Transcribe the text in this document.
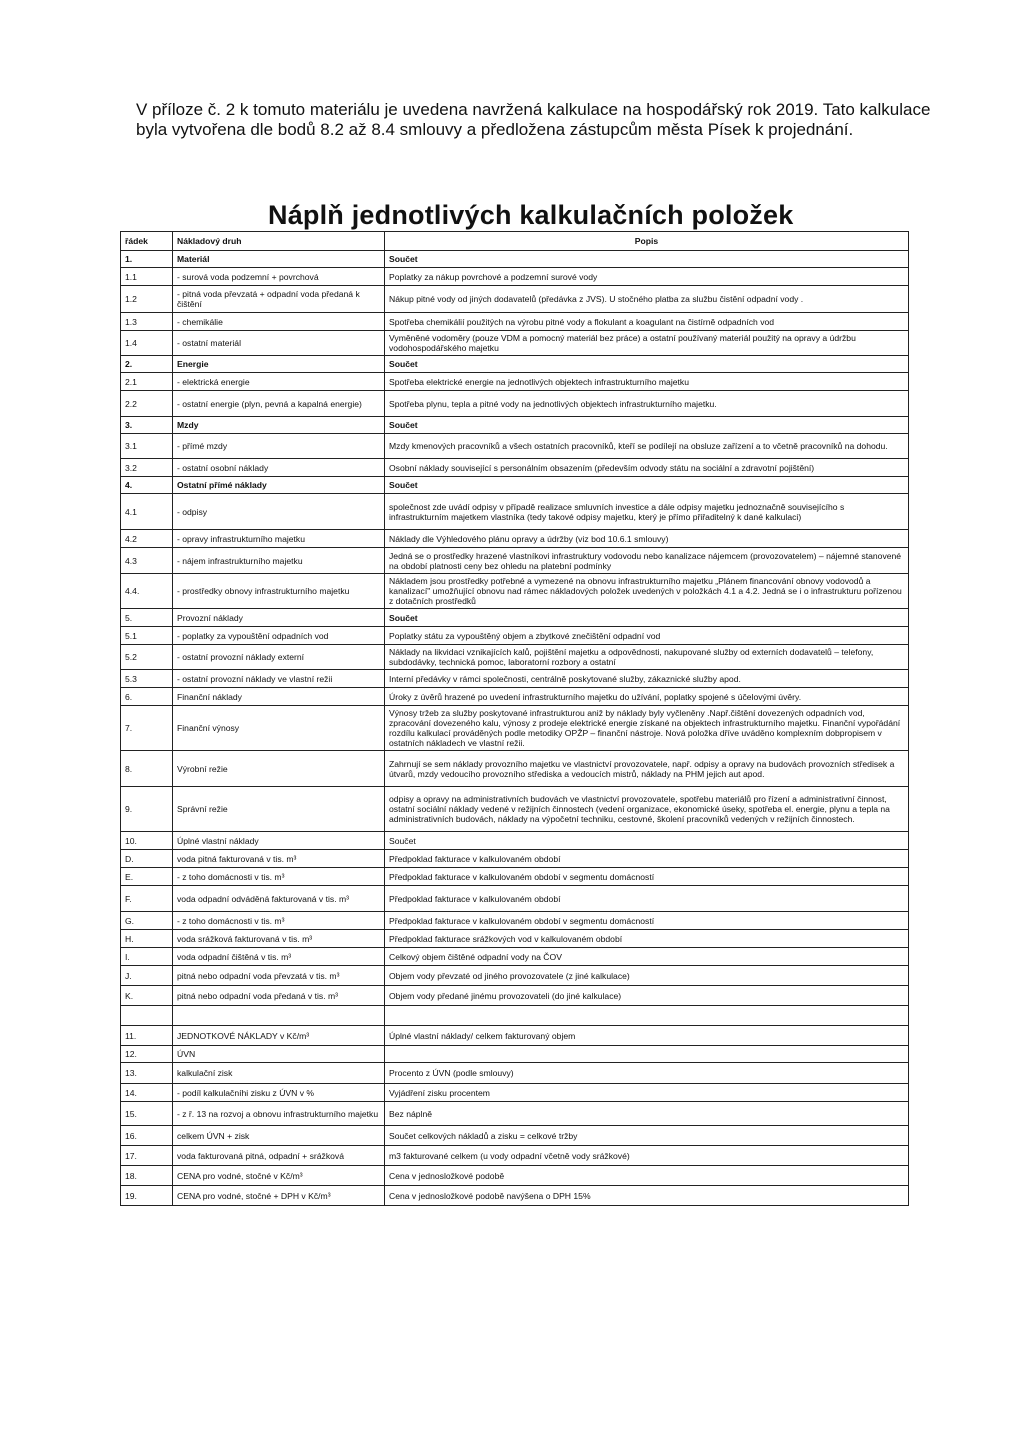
V příloze č. 2 k tomuto materiálu je uvedena navržená kalkulace na hospodářský rok 2019. Tato kalkulace byla vytvořena dle bodů 8.2 až 8.4 smlouvy a předložena zástupcům města Písek k projednání.
Náplň jednotlivých kalkulačních položek
řádek	Nákladový druh	Popis
1.	Materiál	Součet
1.1	- surová voda podzemní + povrchová	Poplatky za nákup povrchové a podzemní surové vody
1.2	- pitná voda převzatá + odpadní voda předaná k čištění	Nákup pitné vody od jiných dodavatelů (předávka z JVS). U stočného platba za službu čistění odpadní vody .
1.3	- chemikálie	Spotřeba chemikálií použitých na výrobu pitné vody a flokulant a koagulant na čistírně odpadních vod
1.4	- ostatní materiál	Vyměněné vodoměry (pouze VDM a pomocný materiál bez práce) a ostatní používaný materiál použitý na opravy a údržbu vodohospodářského majetku
2.	Energie	Součet
2.1	- elektrická energie	Spotřeba elektrické energie na jednotlivých objektech infrastrukturního majetku
2.2	- ostatní energie (plyn, pevná a kapalná energie)	Spotřeba plynu, tepla a pitné vody na jednotlivých objektech infrastrukturního majetku.
3.	Mzdy	Součet
3.1	- přímé mzdy	Mzdy kmenových pracovníků a všech ostatních pracovníků, kteří se podílejí na obsluze zařízení a to včetně pracovníků na dohodu.
3.2	- ostatní osobní náklady	Osobní náklady související s personálním obsazením (především odvody státu na sociální a zdravotní pojištění)
4.	Ostatní přímé náklady	Součet
4.1	- odpisy	společnost zde uvádí odpisy v případě realizace smluvních investice a dále odpisy majetku jednoznačně souvisejícího s infrastrukturním majetkem vlastníka (tedy takové odpisy majetku, který je přímo přiřaditelný k dané kalkulaci)
4.2	- opravy infrastrukturního majetku	Náklady dle Výhledového plánu opravy a údržby (viz bod 10.6.1 smlouvy)
4.3	- nájem infrastrukturního majetku	Jedná se o prostředky hrazené vlastníkovi infrastruktury vodovodu nebo kanalizace nájemcem (provozovatelem) – nájemné stanovené na období platnosti ceny bez ohledu na platební podmínky
4.4.	- prostředky obnovy infrastrukturního majetku	Nákladem jsou prostředky potřebné a vymezené na obnovu infrastrukturního majetku „Plánem financování obnovy vodovodů a kanalizací" umožňující obnovu nad rámec nákladových položek uvedených v položkách 4.1 a 4.2. Jedná se i o infrastrukturu pořízenou z dotačních prostředků
5.	Provozní náklady	Součet
5.1	- poplatky za vypouštění odpadních vod	Poplatky státu za vypouštěný objem a zbytkové znečištění odpadní vod
5.2	- ostatní provozní náklady externí	Náklady na likvidaci vznikajících kalů, pojištění majetku a odpovědnosti, nakupované služby od externích dodavatelů – telefony, subdodávky, technická pomoc, laboratorní rozbory a ostatní
5.3	- ostatní provozní náklady ve vlastní režii	Interní předávky v rámci společnosti, centrálně poskytované služby, zákaznické služby apod.
6.	Finanční náklady	Úroky z úvěrů hrazené po uvedení infrastrukturního majetku do užívání, poplatky spojené s účelovými úvěry.
7.	Finanční výnosy	Výnosy tržeb za služby poskytované infrastrukturou aniž by náklady byly vyčleněny .Např.čištění dovezených odpadních vod, zpracování dovezeného kalu, výnosy z prodeje elektrické energie získané na objektech infrastrukturního majetku. Finanční vypořádání rozdílu kalkulací prováděných podle metodiky OPŽP – finanční nástroje. Nová položka dříve uváděno komplexním dobpropisem v ostatních nákladech ve vlastní režii.
8.	Výrobní režie	Zahrnují se sem náklady provozního majetku ve vlastnictví provozovatele, např. odpisy a opravy na budovách provozních středisek a útvarů, mzdy vedoucího provozního střediska a vedoucích mistrů, náklady na PHM jejich aut apod.
9.	Správní režie	odpisy a opravy na administrativních budovách ve vlastnictví provozovatele, spotřebu materiálů pro řízení a administrativní činnost, ostatní sociální náklady vedené v režijních činnostech (vedení organizace, ekonomické úseky, spotřeba el. energie, plynu a tepla na administrativních budovách, náklady na výpočetní techniku, cestovné, školení pracovníků vedených v režijních činnostech.
10.	Úplné vlastní náklady	Součet
D.	voda pitná fakturovaná v tis. m³	Předpoklad fakturace v kalkulovaném období
E.	- z toho domácnosti v tis. m³	Předpoklad fakturace v kalkulovaném období v segmentu domácností
F.	voda odpadní odváděná fakturovaná v tis. m³	Předpoklad fakturace v kalkulovaném období
G.	- z toho domácnosti v tis. m³	Předpoklad fakturace v kalkulovaném období v segmentu domácností
H.	voda srážková fakturovaná v tis. m³	Předpoklad fakturace srážkových vod v kalkulovaném období
I.	voda odpadní čištěná v tis. m³	Celkový objem čištěné odpadní vody na ČOV
J.	pitná nebo odpadní voda převzatá v tis. m³	Objem vody převzaté od jiného provozovatele (z jiné kalkulace)
K.	pitná nebo odpadní voda předaná v tis. m³	Objem vody předané jinému provozovateli (do jiné kalkulace)

11.	JEDNOTKOVÉ NÁKLADY v Kč/m³	Úplné vlastní náklady/ celkem fakturovaný objem
12.	ÚVN	
13.	kalkulační zisk	Procento z ÚVN (podle smlouvy)
14.	- podíl kalkulačníhi zisku z ÚVN v %	Vyjádření zisku procentem
15.	- z ř. 13 na rozvoj a obnovu infrastrukturního majetku	Bez náplně
16.	celkem ÚVN + zisk	Součet celkových nákladů a zisku = celkové tržby
17.	voda fakturovaná pitná, odpadní + srážková	m3 fakturované celkem (u vody odpadní včetně vody srážkové)
18.	CENA pro vodné, stočné v Kč/m³	Cena v jednosložkové podobě
19.	CENA pro vodné, stočné + DPH v Kč/m³	Cena v jednosložkové podobě navýšena o DPH 15%
